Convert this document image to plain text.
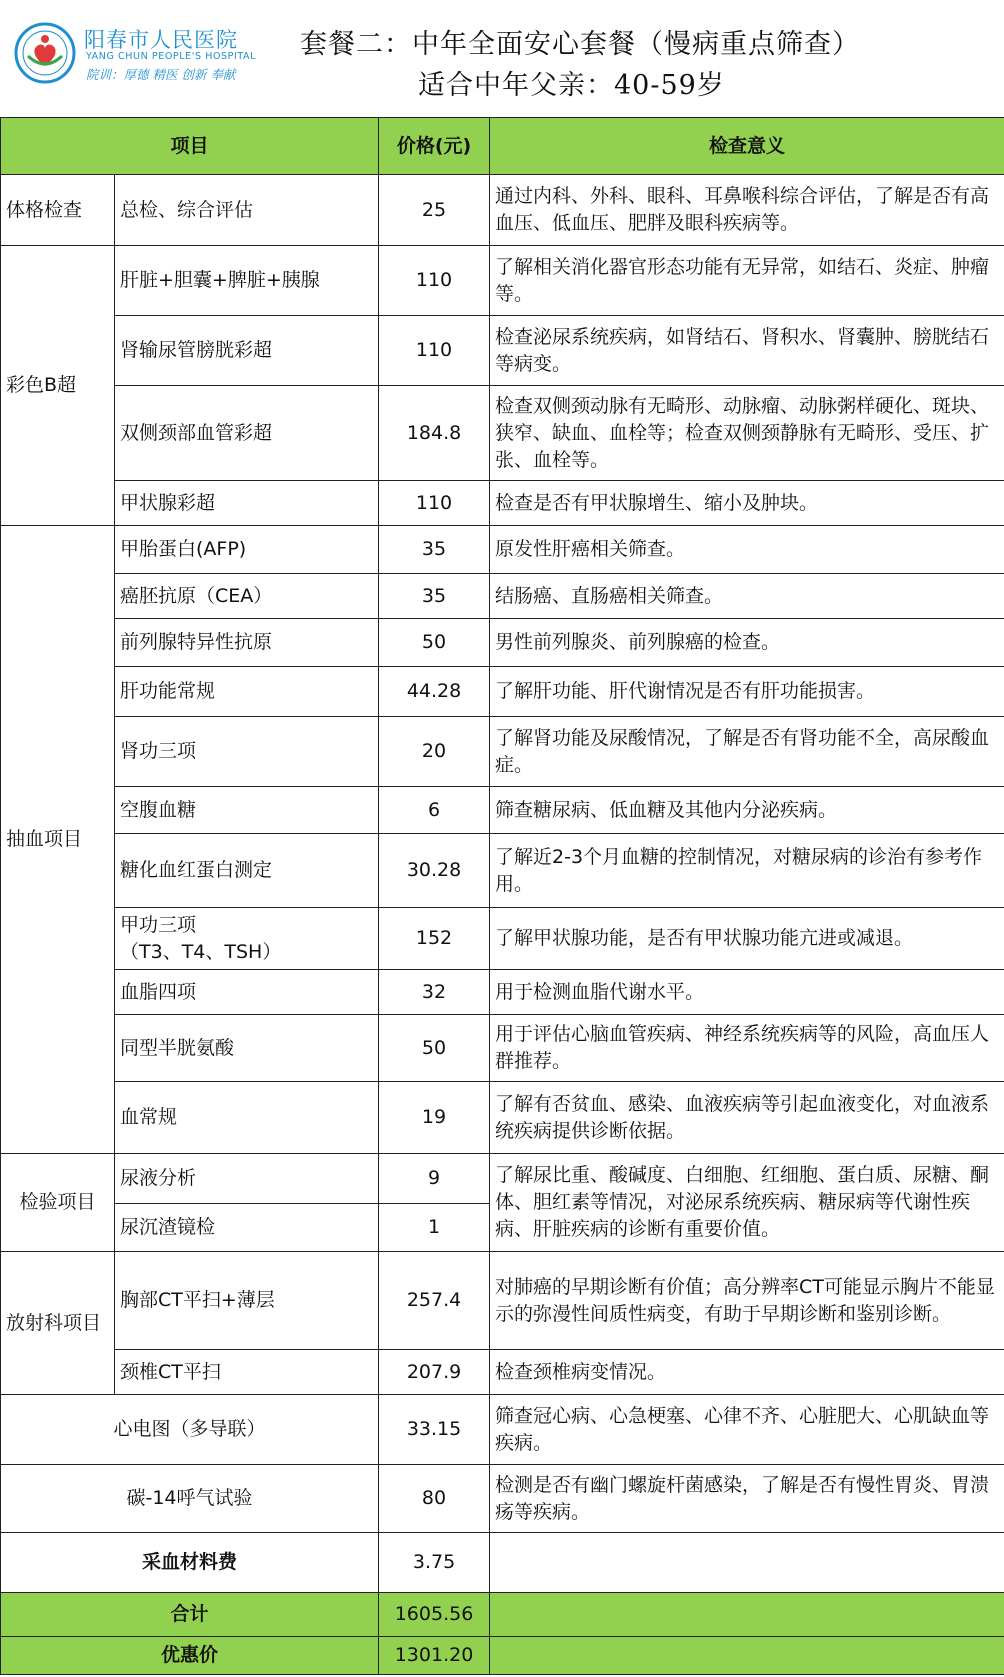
阳春市人民医院
YANG CHUN PEOPLE'S HOSPITAL
院训：厚德 精医 创新 奉献
套餐二：中年全面安心套餐（慢病重点筛查）
适合中年父亲：40-59岁
项目		价格(元)	检查意义
体格检查	总检、综合评估	25	通过内科、外科、眼科、耳鼻喉科综合评估，了解是否有高血压、低血压、肥胖及眼科疾病等。
彩色B超	肝脏+胆囊+脾脏+胰腺	110	了解相关消化器官形态功能有无异常，如结石、炎症、肿瘤等。
	肾输尿管膀胱彩超	110	检查泌尿系统疾病，如肾结石、肾积水、肾囊肿、膀胱结石等病变。
	双侧颈部血管彩超	184.8	检查双侧颈动脉有无畸形、动脉瘤、动脉粥样硬化、斑块、狭窄、缺血、血栓等；检查双侧颈静脉有无畸形、受压、扩张、血栓等。
	甲状腺彩超	110	检查是否有甲状腺增生、缩小及肿块。
抽血项目	甲胎蛋白(AFP)	35	原发性肝癌相关筛查。
	癌胚抗原（CEA）	35	结肠癌、直肠癌相关筛查。
	前列腺特异性抗原	50	男性前列腺炎、前列腺癌的检查。
	肝功能常规	44.28	了解肝功能、肝代谢情况是否有肝功能损害。
	肾功三项	20	了解肾功能及尿酸情况，了解是否有肾功能不全，高尿酸血症。
	空腹血糖	6	筛查糖尿病、低血糖及其他内分泌疾病。
	糖化血红蛋白测定	30.28	了解近2-3个月血糖的控制情况，对糖尿病的诊治有参考作用。

	甲功三项
（T3、T4、TSH）	152	了解甲状腺功能，是否有甲状腺功能亢进或减退。
	血脂四项	32	用于检测血脂代谢水平。
	同型半胱氨酸	50	用于评估心脑血管疾病、神经系统疾病等的风险，高血压人群推荐。
	血常规	19	了解有否贫血、感染、血液疾病等引起血液变化，对血液系统疾病提供诊断依据。
检验项目	尿液分析	9	了解尿比重、酸碱度、白细胞、红细胞、蛋白质、尿糖、酮体、胆红素等情况，对泌尿系统疾病、糖尿病等代谢性疾病、肝脏疾病的诊断有重要价值。
	尿沉渣镜检	1	
放射科项目	胸部CT平扫+薄层	257.4	对肺癌的早期诊断有价值；高分辨率CT可能显示胸片不能显示的弥漫性间质性病变，有助于早期诊断和鉴别诊断。
	颈椎CT平扫	207.9	检查颈椎病变情况。
心电图（多导联）		33.15	筛查冠心病、心急梗塞、心律不齐、心脏肥大、心肌缺血等疾病。
碳-14呼气试验		80	检测是否有幽门螺旋杆菌感染，了解是否有慢性胃炎、胃溃疡等疾病。
采血材料费		3.75	
合计		1605.56	
优惠价		1301.20	
